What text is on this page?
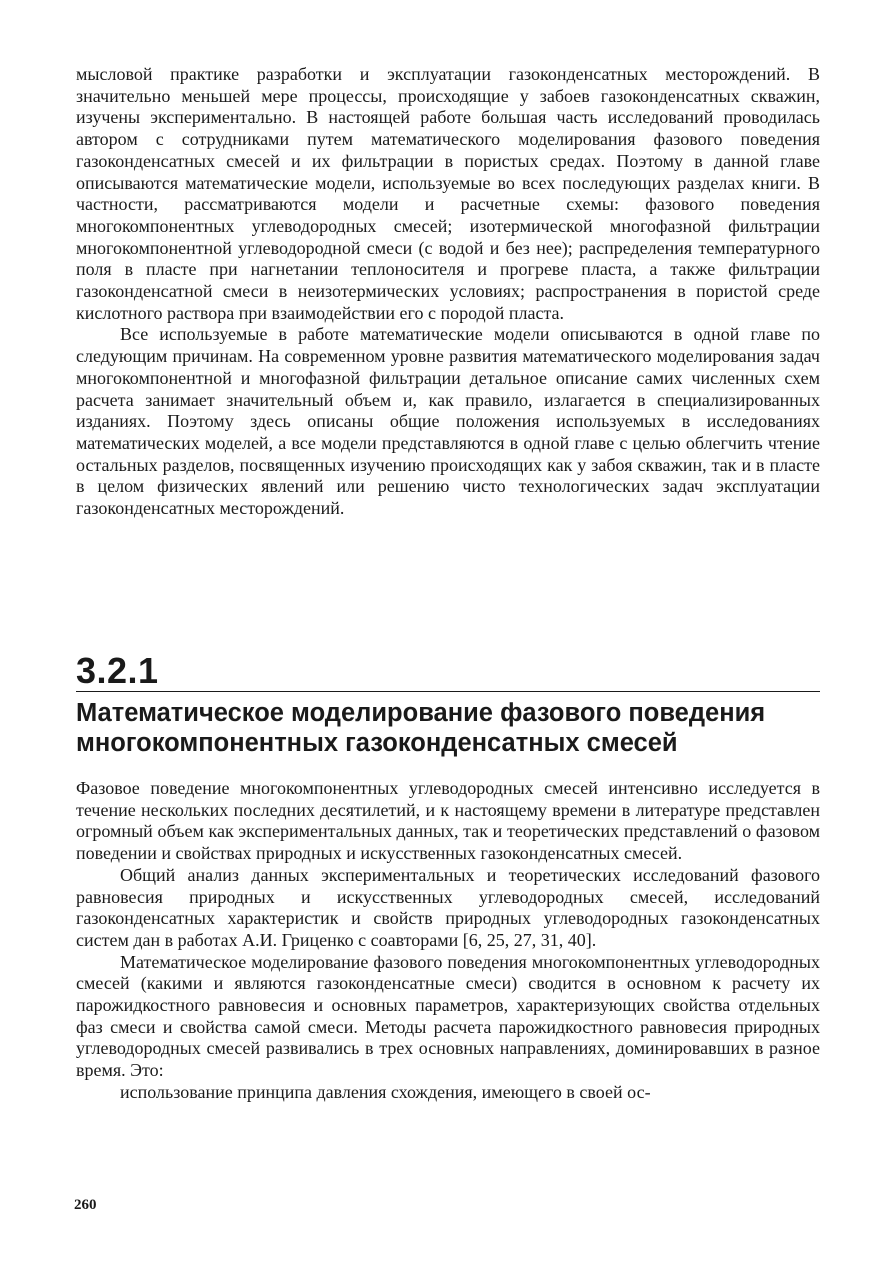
мысловой практике разработки и эксплуатации газоконденсатных месторождений. В значительно меньшей мере процессы, происходящие у забоев газоконденсатных скважин, изучены экспериментально. В настоящей работе большая часть исследований проводилась автором с сотрудниками путем математического моделирования фазового поведения газоконденсатных смесей и их фильтрации в пористых средах. Поэтому в данной главе описываются математические модели, используемые во всех последующих разделах книги. В частности, рассматриваются модели и расчетные схемы: фазового поведения многокомпонентных углеводородных смесей; изотермической многофазной фильтрации многокомпонентной углеводородной смеси (с водой и без нее); распределения температурного поля в пласте при нагнетании теплоносителя и прогреве пласта, а также фильтрации газоконденсатной смеси в неизотермических условиях; распространения в пористой среде кислотного раствора при взаимодействии его с породой пласта.

Все используемые в работе математические модели описываются в одной главе по следующим причинам. На современном уровне развития математического моделирования задач многокомпонентной и многофазной фильтрации детальное описание самих численных схем расчета занимает значительный объем и, как правило, излагается в специализированных изданиях. Поэтому здесь описаны общие положения используемых в исследованиях математических моделей, а все модели представляются в одной главе с целью облегчить чтение остальных разделов, посвященных изучению происходящих как у забоя скважин, так и в пласте в целом физических явлений или решению чисто технологических задач эксплуатации газоконденсатных месторождений.

3.2.1
Математическое моделирование фазового поведения многокомпонентных газоконденсатных смесей

Фазовое поведение многокомпонентных углеводородных смесей интенсивно исследуется в течение нескольких последних десятилетий, и к настоящему времени в литературе представлен огромный объем как экспериментальных данных, так и теоретических представлений о фазовом поведении и свойствах природных и искусственных газоконденсатных смесей.

Общий анализ данных экспериментальных и теоретических исследований фазового равновесия природных и искусственных углеводородных смесей, исследований газоконденсатных характеристик и свойств природных углеводородных газоконденсатных систем дан в работах А.И. Гриценко с соавторами [6, 25, 27, 31, 40].

Математическое моделирование фазового поведения многокомпонентных углеводородных смесей (какими и являются газоконденсатные смеси) сводится в основном к расчету их парожидкостного равновесия и основных параметров, характеризующих свойства отдельных фаз смеси и свойства самой смеси. Методы расчета парожидкостного равновесия природных углеводородных смесей развивались в трех основных направлениях, доминировавших в разное время. Это:

использование принципа давления схождения, имеющего в своей ос-

260
